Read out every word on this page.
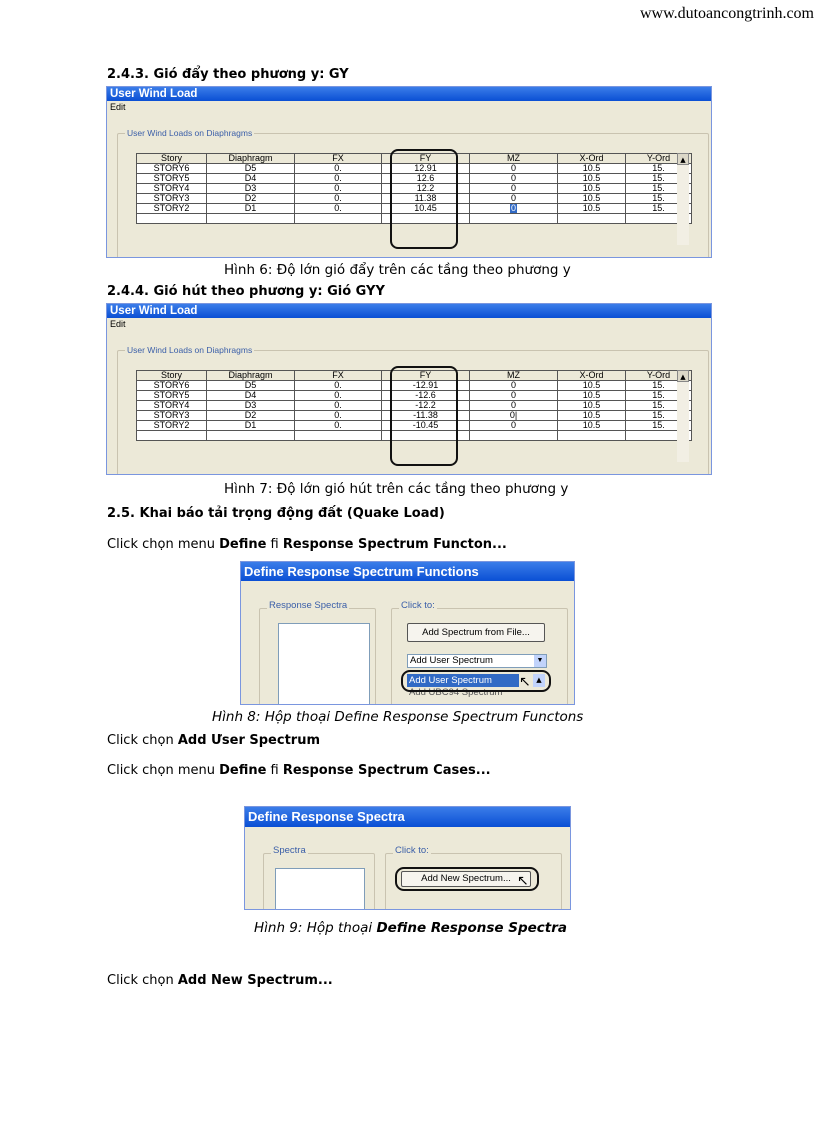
www.dutoancongtrinh.com
2.4.3. Gió đẩy theo phương y: GY
User Wind Load
Edit
User Wind Loads on Diaphragms
Story	Diaphragm	FX	FY	MZ	X-Ord	Y-Ord
STORY6	D5	0.	12.91	0	10.5	15.
STORY5	D4	0.	12.6	0	10.5	15.
STORY4	D3	0.	12.2	0	10.5	15.
STORY3	D2	0.	11.38	0	10.5	15.
STORY2	D1	0.	10.45	0	10.5	15.

▲
Hình 6: Độ lớn gió đẩy trên các tầng theo phương y
2.4.4. Gió hút theo phương y: Gió GYY
User Wind Load
Edit
User Wind Loads on Diaphragms
Story	Diaphragm	FX	FY	MZ	X-Ord	Y-Ord
STORY6	D5	0.	-12.91	0	10.5	15.
STORY5	D4	0.	-12.6	0	10.5	15.
STORY4	D3	0.	-12.2	0	10.5	15.
STORY3	D2	0.	-11.38	0|	10.5	15.
STORY2	D1	0.	-10.45	0	10.5	15.

▲
Hình 7: Độ lớn gió hút trên các tầng theo phương y
2.5. Khai báo tải trọng động đất (Quake Load)
Click chọn menu Define fi Response Spectrum Functon...
Define Response Spectrum Functions
Response Spectra	Click to:
Add Spectrum from File...
Add User Spectrum	▼
Add User Spectrum
Add UBC94 Spectrum
▲
↖
Hình 8: Hộp thoại Define Response Spectrum Functons
Click chọn Add Ưser Spectrum
Click chọn menu Define fi Response Spectrum Cases...
Define Response Spectra
Spectra	Click to:
Add New Spectrum... ↖
Hình 9: Hộp thoại Define Response Spectra
Click chọn Add New Spectrum...
